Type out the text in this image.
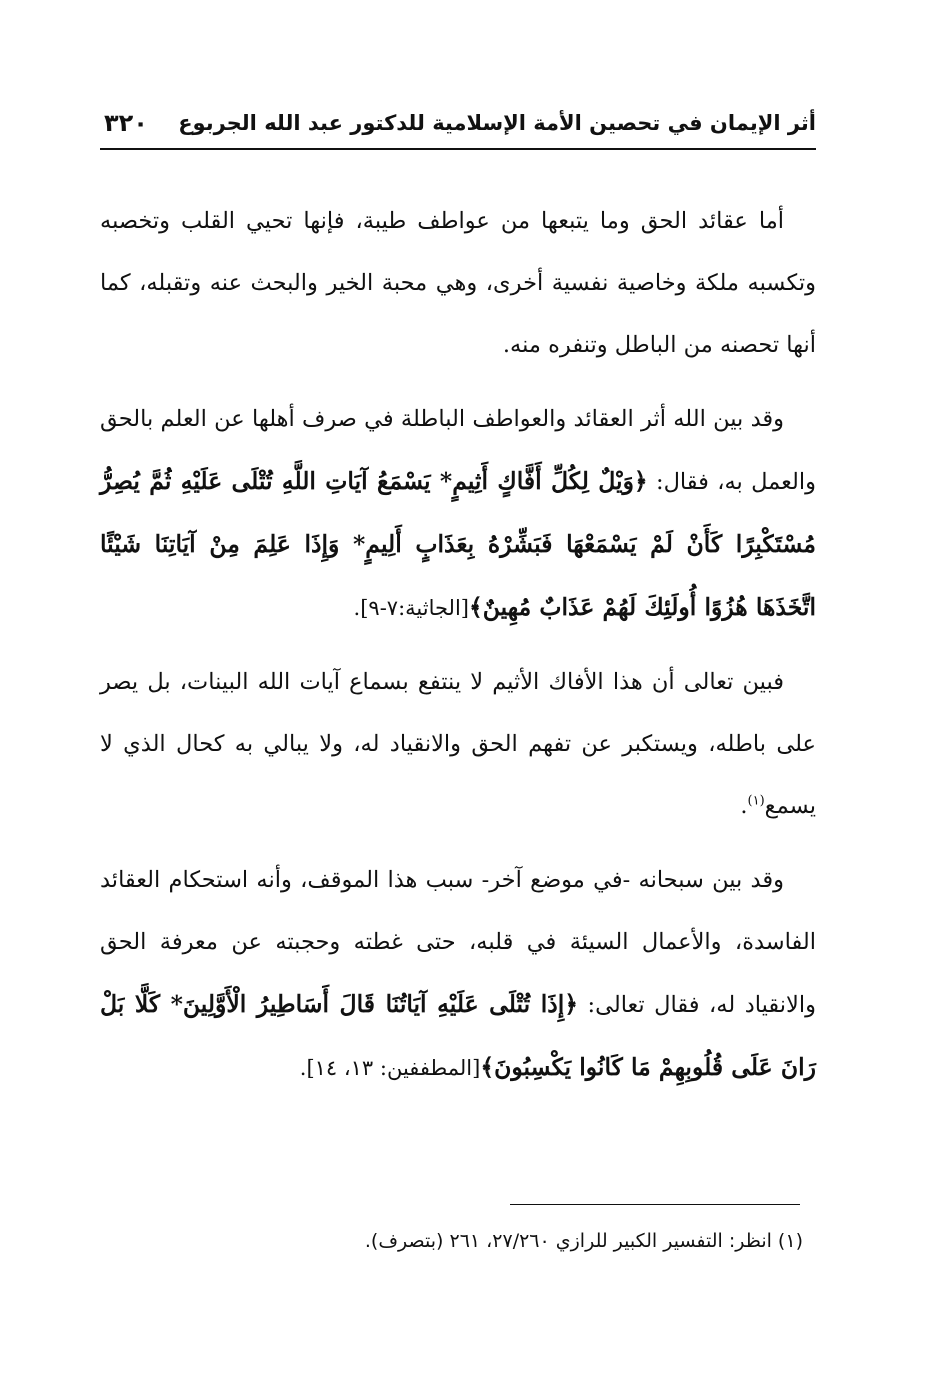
أثر الإيمان في تحصين الأمة الإسلامية للدكتور عبد الله الجربوع
٣٢٠

أما عقائد الحق وما يتبعها من عواطف طيبة، فإنها تحيي القلب وتخصبه وتكسبه ملكة وخاصية نفسية أخرى، وهي محبة الخير والبحث عنه وتقبله، كما أنها تحصنه من الباطل وتنفره منه.

وقد بين الله أثر العقائد والعواطف الباطلة في صرف أهلها عن العلم بالحق والعمل به، فقال: ﴿وَيْلٌ لِكُلِّ أَفَّاكٍ أَثِيمٍ* يَسْمَعُ آيَاتِ اللَّهِ تُتْلَى عَلَيْهِ ثُمَّ يُصِرُّ مُسْتَكْبِرًا كَأَنْ لَمْ يَسْمَعْهَا فَبَشِّرْهُ بِعَذَابٍ أَلِيمٍ* وَإِذَا عَلِمَ مِنْ آيَاتِنَا شَيْئًا اتَّخَذَهَا هُزُوًا أُولَئِكَ لَهُمْ عَذَابٌ مُهِينٌ﴾[الجاثية:٧-٩].

فبين تعالى أن هذا الأفاك الأثيم لا ينتفع بسماع آيات الله البينات، بل يصر على باطله، ويستكبر عن تفهم الحق والانقياد له، ولا يبالي به كحال الذي لا يسمع$^{(١)}$.

وقد بين سبحانه -في موضع آخر- سبب هذا الموقف، وأنه استحكام العقائد الفاسدة، والأعمال السيئة في قلبه، حتى غطته وحجبته عن معرفة الحق والانقياد له، فقال تعالى: ﴿إِذَا تُتْلَى عَلَيْهِ آيَاتُنَا قَالَ أَسَاطِيرُ الْأَوَّلِينَ* كَلَّا بَلْ رَانَ عَلَى قُلُوبِهِمْ مَا كَانُوا يَكْسِبُونَ﴾[المطففين: ١٣، ١٤].

(١) انظر: التفسير الكبير للرازي ٢٧/٢٦٠، ٢٦١ (بتصرف).
